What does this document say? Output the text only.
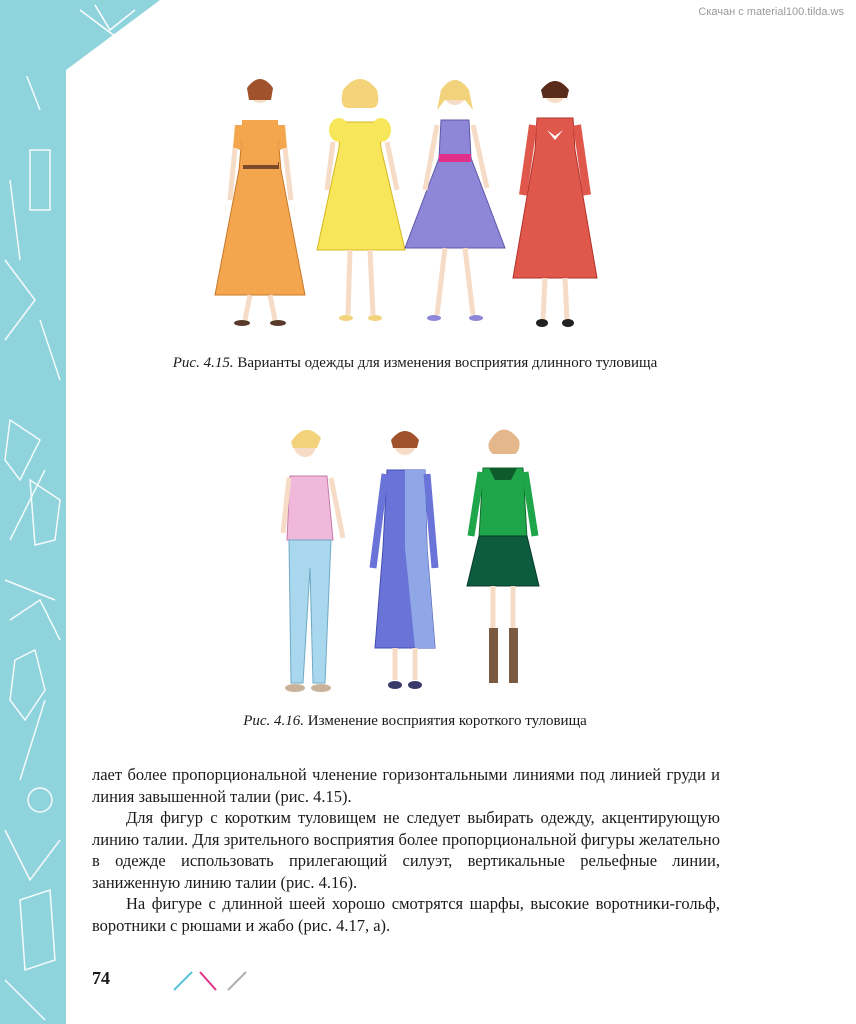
Скачан с material100.tilda.ws
Рис. 4.15. Варианты одежды для изменения восприятия длинного туловища
Рис. 4.16. Изменение восприятия короткого туловища

лает более пропорциональной членение горизонтальными линиями под линией груди и линия завышенной талии (рис. 4.15).

Для фигур с коротким туловищем не следует выбирать одежду, акцентирующую линию талии. Для зрительного восприятия более пропорциональной фигуры желательно в одежде использовать прилегающий силуэт, вертикальные рельефные линии, заниженную линию талии (рис. 4.16).

На фигуре с длинной шеей хорошо смотрятся шарфы, высокие воротники-гольф, воротники с рюшами и жабо (рис. 4.17, а).

74
